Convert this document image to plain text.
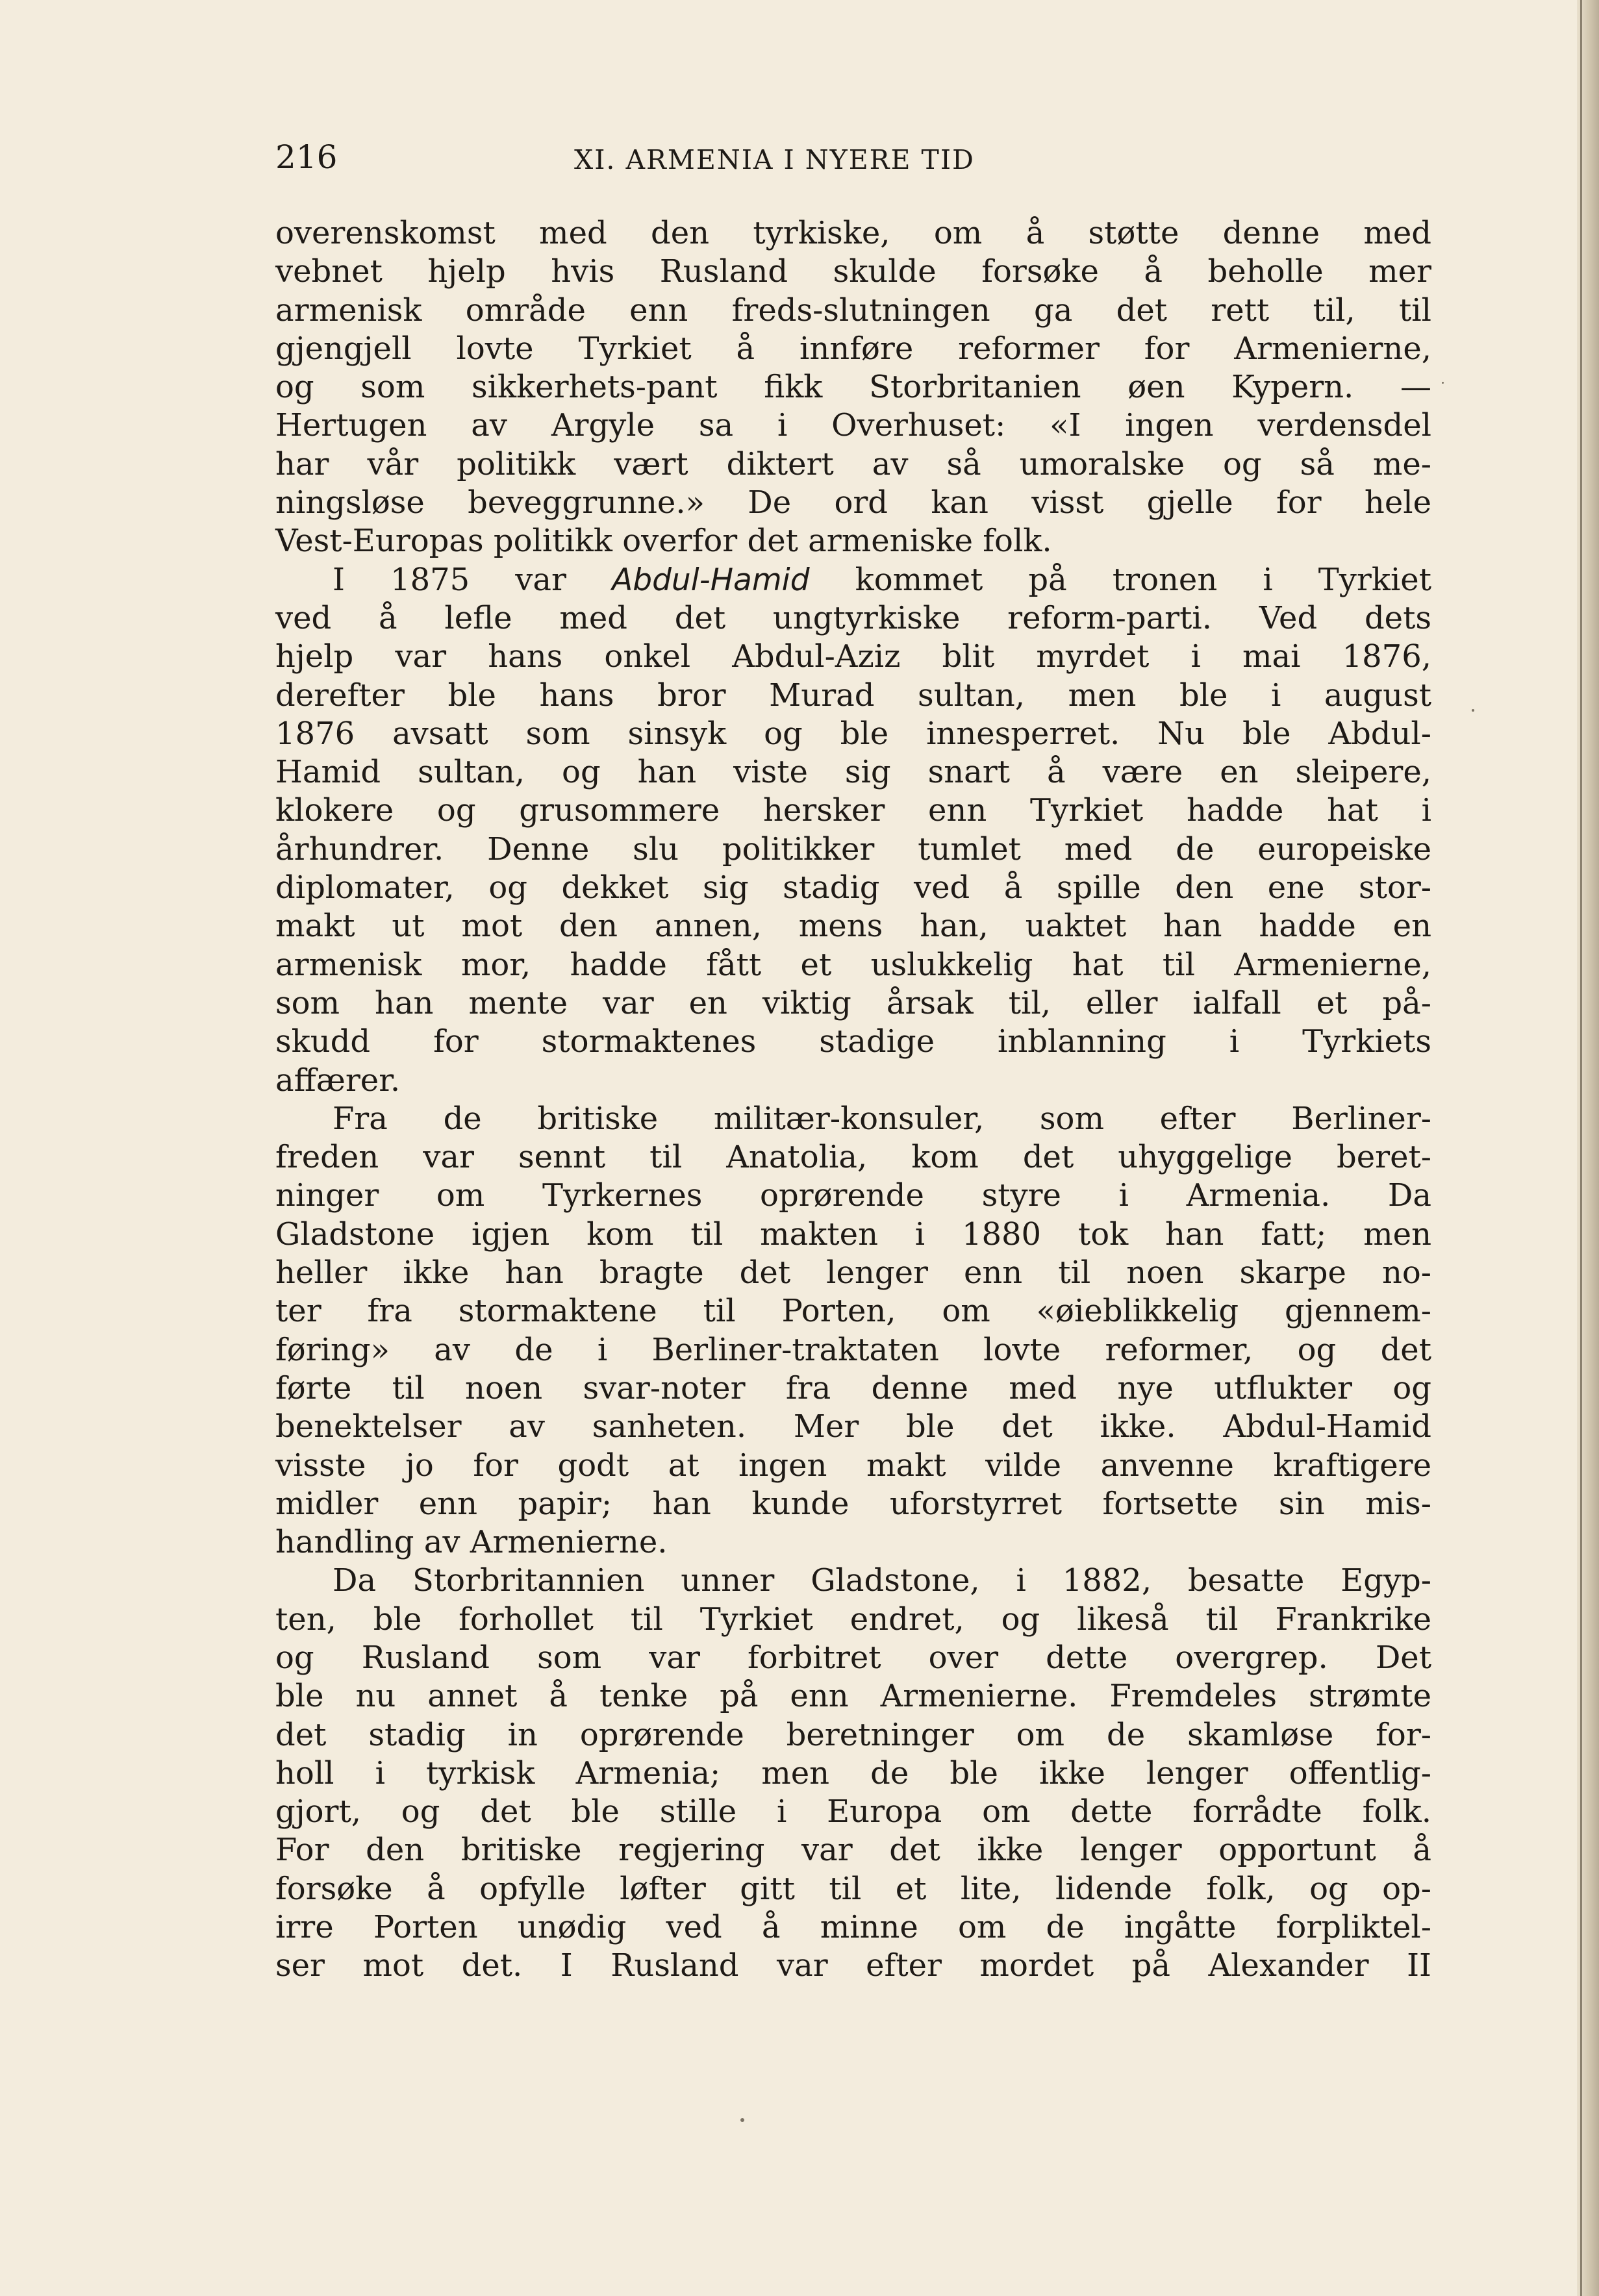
216	XI. ARMENIA I NYERE TID
overenskomst med den tyrkiske, om å støtte denne med
vebnet hjelp hvis Rusland skulde forsøke å beholle mer
armenisk område enn freds-slutningen ga det rett til, til
gjengjell lovte Tyrkiet å innføre reformer for Armenierne,
og som sikkerhets-pant fikk Storbritanien øen Kypern. —
Hertugen av Argyle sa i Overhuset: «I ingen verdensdel
har vår politikk vært diktert av så umoralske og så me-
ningsløse beveggrunne.» De ord kan visst gjelle for hele
Vest-Europas politikk overfor det armeniske folk.
I 1875 var Abdul-Hamid kommet på tronen i Tyrkiet
ved å lefle med det ungtyrkiske reform-parti. Ved dets
hjelp var hans onkel Abdul-Aziz blit myrdet i mai 1876,
derefter ble hans bror Murad sultan, men ble i august
1876 avsatt som sinsyk og ble innesperret. Nu ble Abdul-
Hamid sultan, og han viste sig snart å være en sleipere,
klokere og grusommere hersker enn Tyrkiet hadde hat i
århundrer. Denne slu politikker tumlet med de europeiske
diplomater, og dekket sig stadig ved å spille den ene stor-
makt ut mot den annen, mens han, uaktet han hadde en
armenisk mor, hadde fått et uslukkelig hat til Armenierne,
som han mente var en viktig årsak til, eller ialfall et på-
skudd for stormaktenes stadige inblanning i Tyrkiets
affærer.
Fra de britiske militær-konsuler, som efter Berliner-
freden var sennt til Anatolia, kom det uhyggelige beret-
ninger om Tyrkernes oprørende styre i Armenia. Da
Gladstone igjen kom til makten i 1880 tok han fatt; men
heller ikke han bragte det lenger enn til noen skarpe no-
ter fra stormaktene til Porten, om «øieblikkelig gjennem-
føring» av de i Berliner-traktaten lovte reformer, og det
førte til noen svar-noter fra denne med nye utflukter og
benektelser av sanheten. Mer ble det ikke. Abdul-Hamid
visste jo for godt at ingen makt vilde anvenne kraftigere
midler enn papir; han kunde uforstyrret fortsette sin mis-
handling av Armenierne.
Da Storbritannien unner Gladstone, i 1882, besatte Egyp-
ten, ble forhollet til Tyrkiet endret, og likeså til Frankrike
og Rusland som var forbitret over dette overgrep. Det
ble nu annet å tenke på enn Armenierne. Fremdeles strømte
det stadig in oprørende beretninger om de skamløse for-
holl i tyrkisk Armenia; men de ble ikke lenger offentlig-
gjort, og det ble stille i Europa om dette forrådte folk.
For den britiske regjering var det ikke lenger opportunt å
forsøke å opfylle løfter gitt til et lite, lidende folk, og op-
irre Porten unødig ved å minne om de ingåtte forpliktel-
ser mot det. I Rusland var efter mordet på Alexander II
